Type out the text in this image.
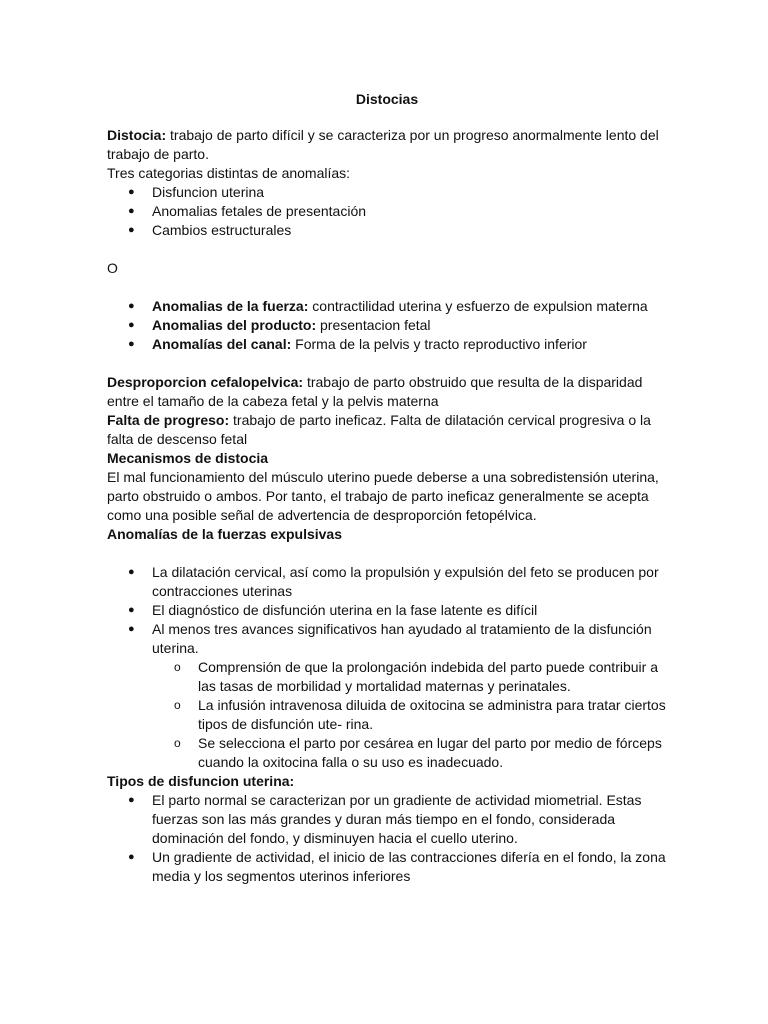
Distocias

Distocia: trabajo de parto difícil y se caracteriza por un progreso anormalmente lento del trabajo de parto.

Tres categorias distintas de anomalías:

● Disfuncion uterina
● Anomalias fetales de presentación
● Cambios estructurales

O

● Anomalias de la fuerza: contractilidad uterina y esfuerzo de expulsion materna
● Anomalias del producto: presentacion fetal
● Anomalías del canal: Forma de la pelvis y tracto reproductivo inferior

Desproporcion cefalopelvica: trabajo de parto obstruido que resulta de la disparidad entre el tamaño de la cabeza fetal y la pelvis materna

Falta de progreso: trabajo de parto ineficaz. Falta de dilatación cervical progresiva o la falta de descenso fetal

Mecanismos de distocia

El mal funcionamiento del músculo uterino puede deberse a una sobredistensión uterina, parto obstruido o ambos. Por tanto, el trabajo de parto ineficaz generalmente se acepta como una posible señal de advertencia de desproporción fetopélvica.

Anomalías de la fuerzas expulsivas

● La dilatación cervical, así como la propulsión y expulsión del feto se producen por contracciones uterinas
● El diagnóstico de disfunción uterina en la fase latente es difícil
● Al menos tres avances significativos han ayudado al tratamiento de la disfunción uterina.
o Comprensión de que la prolongación indebida del parto puede contribuir a las tasas de morbilidad y mortalidad maternas y perinatales.
o La infusión intravenosa diluida de oxitocina se administra para tratar ciertos tipos de disfunción ute- rina.
o Se selecciona el parto por cesárea en lugar del parto por medio de fórceps cuando la oxitocina falla o su uso es inadecuado.

Tipos de disfuncion uterina:

● El parto normal se caracterizan por un gradiente de actividad miometrial. Estas fuerzas son las más grandes y duran más tiempo en el fondo, considerada dominación del fondo, y disminuyen hacia el cuello uterino.
● Un gradiente de actividad, el inicio de las contracciones difería en el fondo, la zona media y los segmentos uterinos inferiores
